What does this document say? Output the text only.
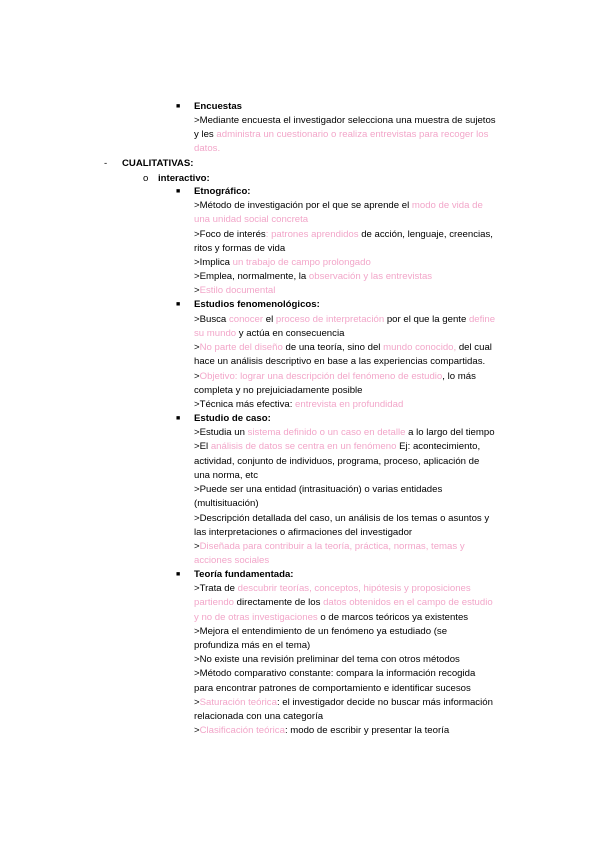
■ Encuestas
>Mediante encuesta el investigador selecciona una muestra de sujetos
y les administra un cuestionario o realiza entrevistas para recoger los
datos.
- CUALITATIVAS:
o interactivo:
■ Etnográfico:
>Método de investigación por el que se aprende el modo de vida de
una unidad social concreta
>Foco de interés: patrones aprendidos de acción, lenguaje, creencias,
ritos y formas de vida
>Implica un trabajo de campo prolongado
>Emplea, normalmente, la observación y las entrevistas
>Estilo documental
■ Estudios fenomenológicos:
>Busca conocer el proceso de interpretación por el que la gente define
su mundo y actúa en consecuencia
>No parte del diseño de una teoría, sino del mundo conocido, del cual
hace un análisis descriptivo en base a las experiencias compartidas.
>Objetivo: lograr una descripción del fenómeno de estudio, lo más
completa y no prejuiciadamente posible
>Técnica más efectiva: entrevista en profundidad
■ Estudio de caso:
>Estudia un sistema definido o un caso en detalle a lo largo del tiempo
>El análisis de datos se centra en un fenómeno Ej: acontecimiento,
actividad, conjunto de individuos, programa, proceso, aplicación de
una norma, etc
>Puede ser una entidad (intrasituación) o varias entidades
(multisituación)
>Descripción detallada del caso, un análisis de los temas o asuntos y
las interpretaciones o afirmaciones del investigador
>Diseñada para contribuir a la teoría, práctica, normas, temas y
acciones sociales
■ Teoría fundamentada:
>Trata de descubrir teorías, conceptos, hipótesis y proposiciones
partiendo directamente de los datos obtenidos en el campo de estudio
y no de otras investigaciones o de marcos teóricos ya existentes
>Mejora el entendimiento de un fenómeno ya estudiado (se
profundiza más en el tema)
>No existe una revisión preliminar del tema con otros métodos
>Método comparativo constante: compara la información recogida
para encontrar patrones de comportamiento e identificar sucesos
>Saturación teórica: el investigador decide no buscar más información
relacionada con una categoría
>Clasificación teórica: modo de escribir y presentar la teoría
